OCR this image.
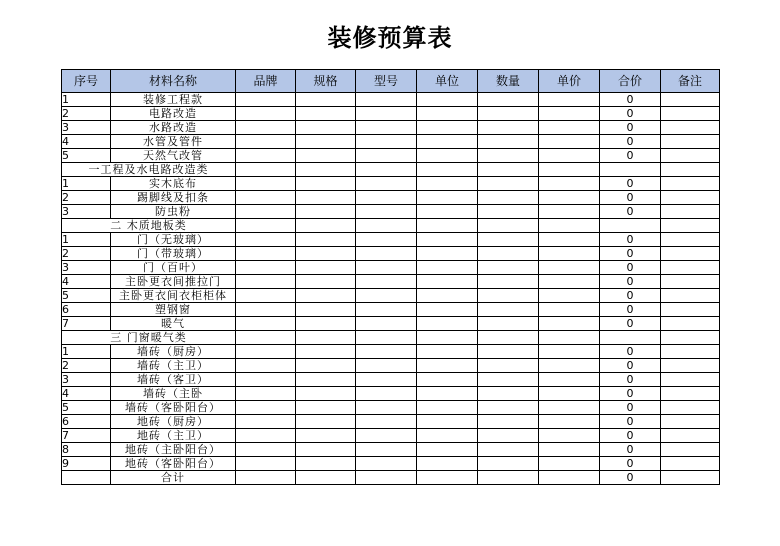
装修预算表
序号	材料名称	品牌	规格	型号	单位	数量	单价	合价	备注
1	装修工程款							0	
2	电路改造							0	
3	水路改造							0	
4	水管及管件							0	
5	天然气改管							0	
一工程及水电路改造类									
1	实木底布							0	
2	踢脚线及扣条							0	
3	防虫粉							0	
二 木质地板类									
1	门（无玻璃）							0	
2	门（带玻璃）							0	
3	门（百叶）							0	
4	主卧更衣间推拉门							0	
5	主卧更衣间衣柜柜体							0	
6	塑钢窗							0	
7	暖气							0	
三 门窗暖气类									
1	墙砖（厨房）							0	
2	墙砖（主卫）							0	
3	墙砖（客卫）							0	
4	墙砖（主卧							0	
5	墙砖（客卧阳台）							0	
6	地砖（厨房）							0	
7	地砖（主卫）							0	
8	地砖（主卧阳台）							0	
9	地砖（客卧阳台）							0	
	合计							0	
